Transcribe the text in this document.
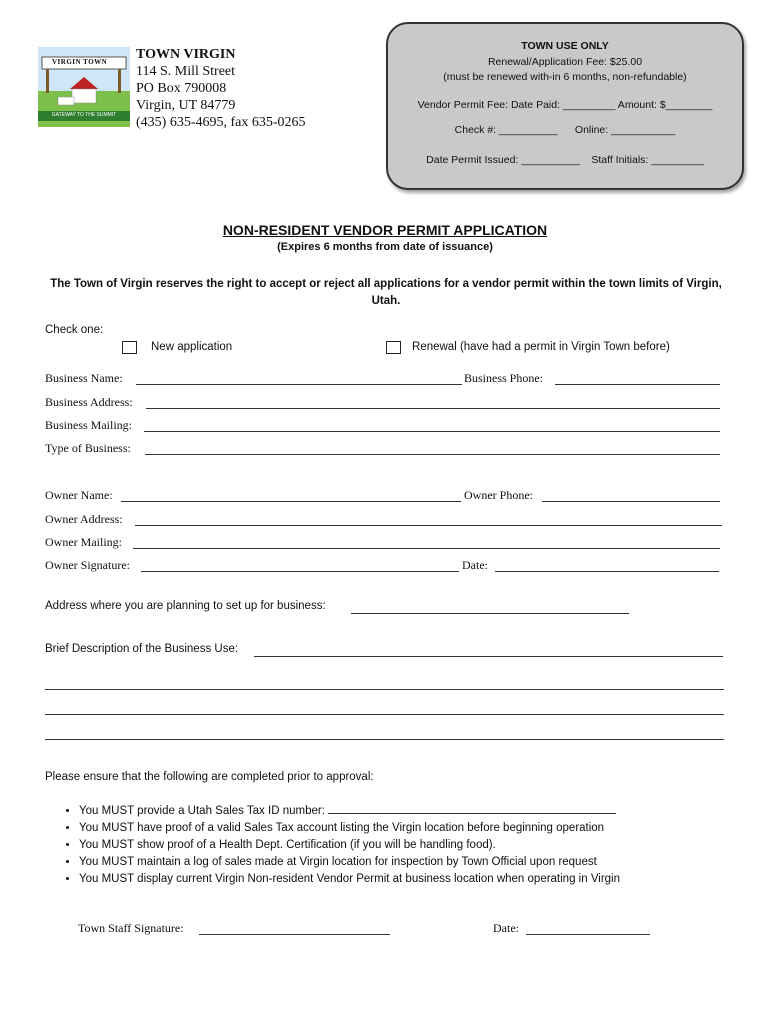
VIRGIN TOWN
GATEWAY TO THE SUMMIT
TOWN VIRGIN
114 S. Mill Street
PO Box 790008
Virgin, UT 84779
(435) 635-4695, fax 635-0265
TOWN USE ONLY
Renewal/Application Fee: $25.00
(must be renewed with-in 6 months, non-refundable)
Vendor Permit Fee: Date Paid: _________ Amount: $________
Check #: __________      Online: ___________
Date Permit Issued: __________    Staff Initials: _________
NON-RESIDENT VENDOR PERMIT APPLICATION
(Expires 6 months from date of issuance)
The Town of Virgin reserves the right to accept or reject all applications for a vendor permit within the town limits of Virgin, Utah.
Check one:
New application	Renewal (have had a permit in Virgin Town before)
Business Name:	Business Phone:
Business Address:
Business Mailing:
Type of Business:
Owner Name:	Owner Phone:
Owner Address:
Owner Mailing:
Owner Signature:	Date:
Address where you are planning to set up for business:
Brief Description of the Business Use:
Please ensure that the following are completed prior to approval:
• You MUST provide a Utah Sales Tax ID number:
• You MUST have proof of a valid Sales Tax account listing the Virgin location before beginning operation
• You MUST show proof of a Health Dept. Certification (if you will be handling food).
• You MUST maintain a log of sales made at Virgin location for inspection by Town Official upon request
• You MUST display current Virgin Non-resident Vendor Permit at business location when operating in Virgin
Town Staff Signature:	Date:
